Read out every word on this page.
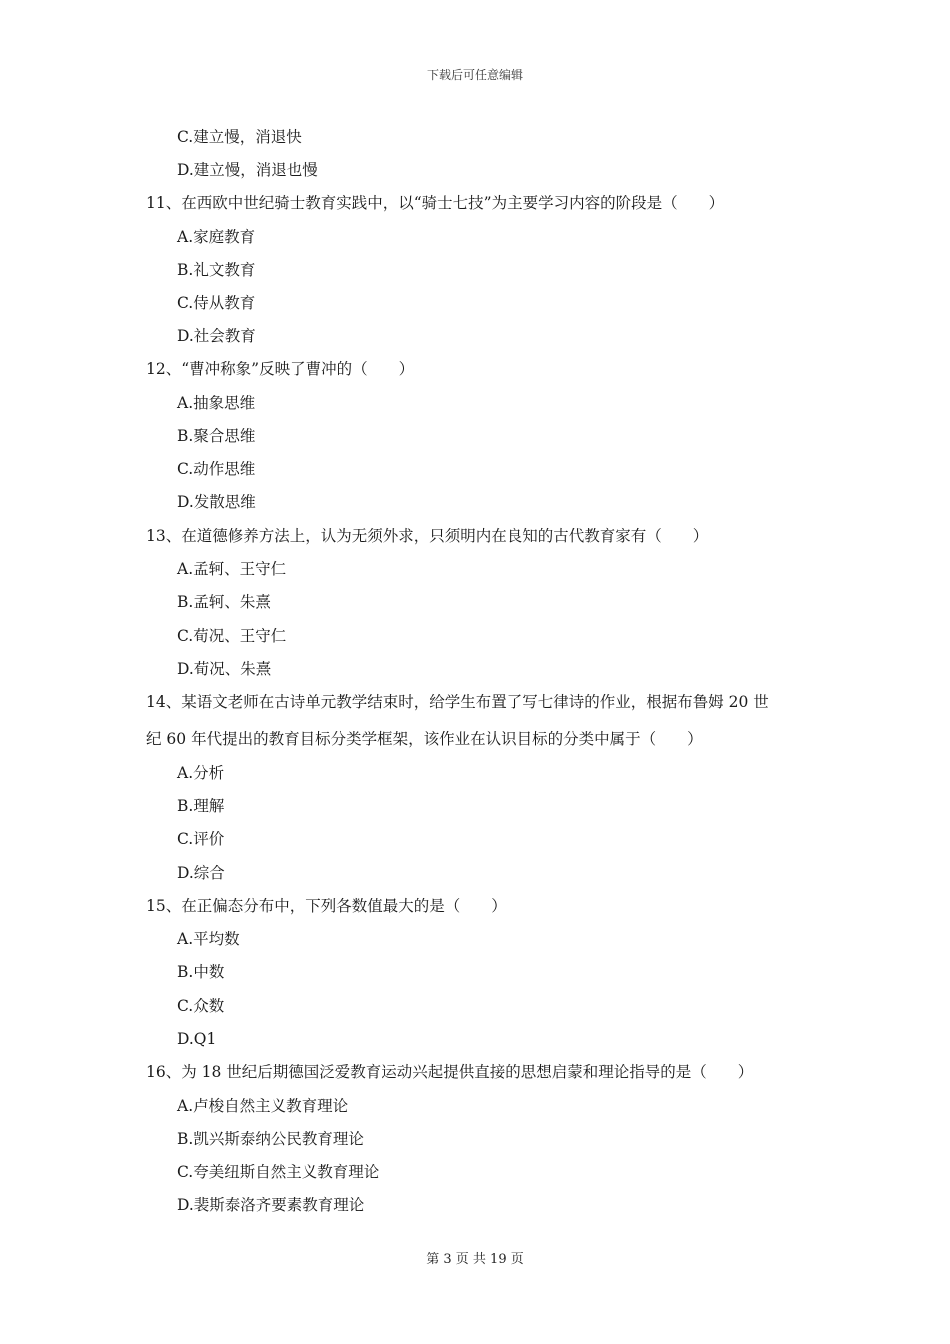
下载后可任意编辑
C.建立慢，消退快
D.建立慢，消退也慢
11、在西欧中世纪骑士教育实践中，以“骑士七技”为主要学习内容的阶段是（　　）
A.家庭教育
B.礼文教育
C.侍从教育
D.社会教育
12、“曹冲称象”反映了曹冲的（　　）
A.抽象思维
B.聚合思维
C.动作思维
D.发散思维
13、在道德修养方法上，认为无须外求，只须明内在良知的古代教育家有（　　）
A.孟轲、王守仁
B.孟轲、朱熹
C.荀况、王守仁
D.荀况、朱熹
14、某语文老师在古诗单元教学结束时，给学生布置了写七律诗的作业，根据布鲁姆 20 世
纪 60 年代提出的教育目标分类学框架，该作业在认识目标的分类中属于（　　）
A.分析
B.理解
C.评价
D.综合
15、在正偏态分布中，下列各数值最大的是（　　）
A.平均数
B.中数
C.众数
D.Q1
16、为 18 世纪后期德国泛爱教育运动兴起提供直接的思想启蒙和理论指导的是（　　）
A.卢梭自然主义教育理论
B.凯兴斯泰纳公民教育理论
C.夸美纽斯自然主义教育理论
D.裴斯泰洛齐要素教育理论
第 3 页 共 19 页
